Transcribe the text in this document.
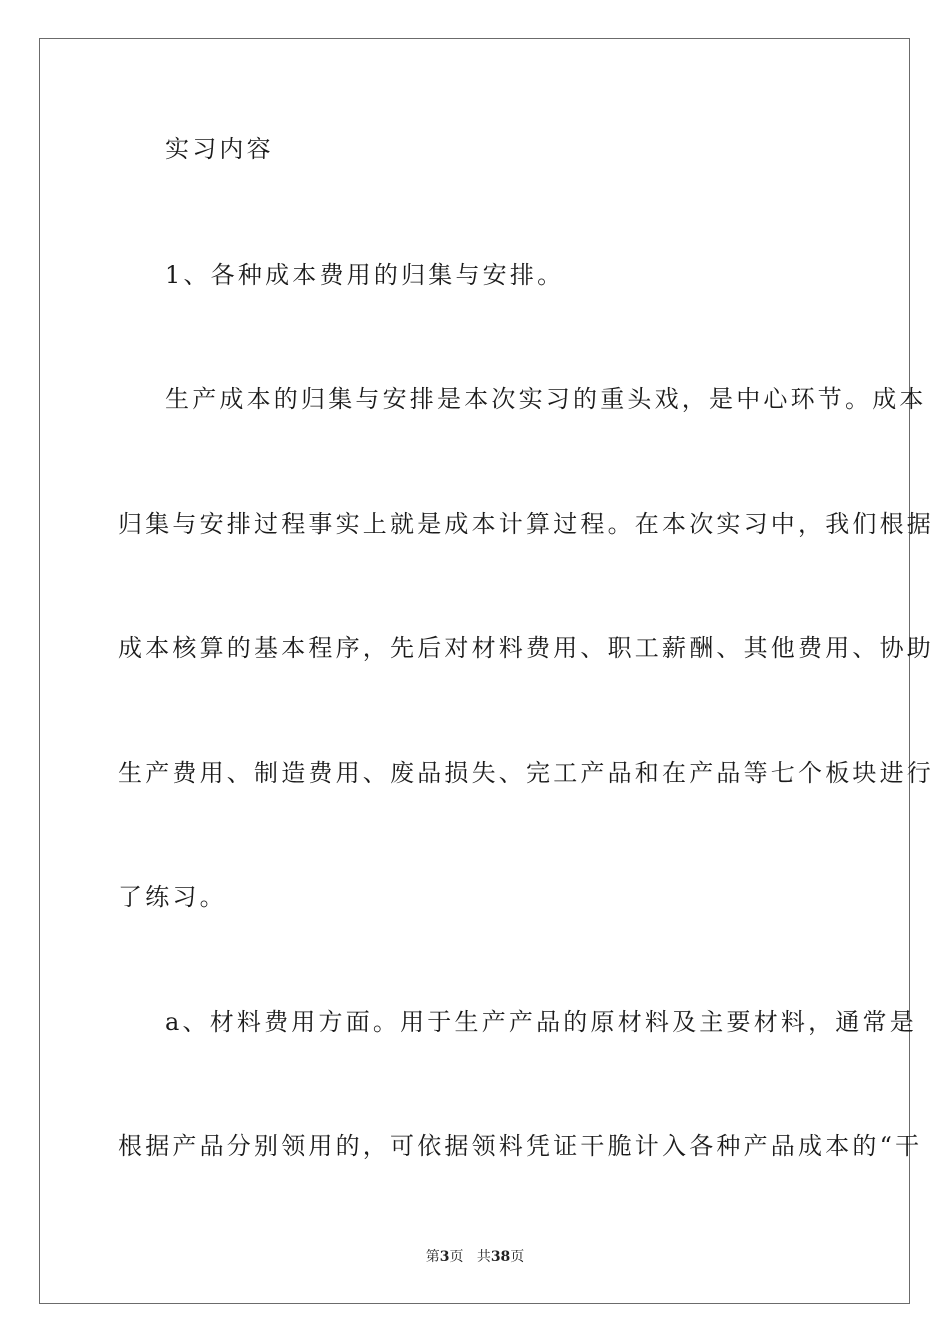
实习内容
1、各种成本费用的归集与安排。
生产成本的归集与安排是本次实习的重头戏，是中心环节。成本
归集与安排过程事实上就是成本计算过程。在本次实习中，我们根据
成本核算的基本程序，先后对材料费用、职工薪酬、其他费用、协助
生产费用、制造费用、废品损失、完工产品和在产品等七个板块进行
了练习。
a、材料费用方面。用于生产产品的原材料及主要材料，通常是
根据产品分别领用的，可依据领料凭证干脆计入各种产品成本的“干
第3页 共38页
